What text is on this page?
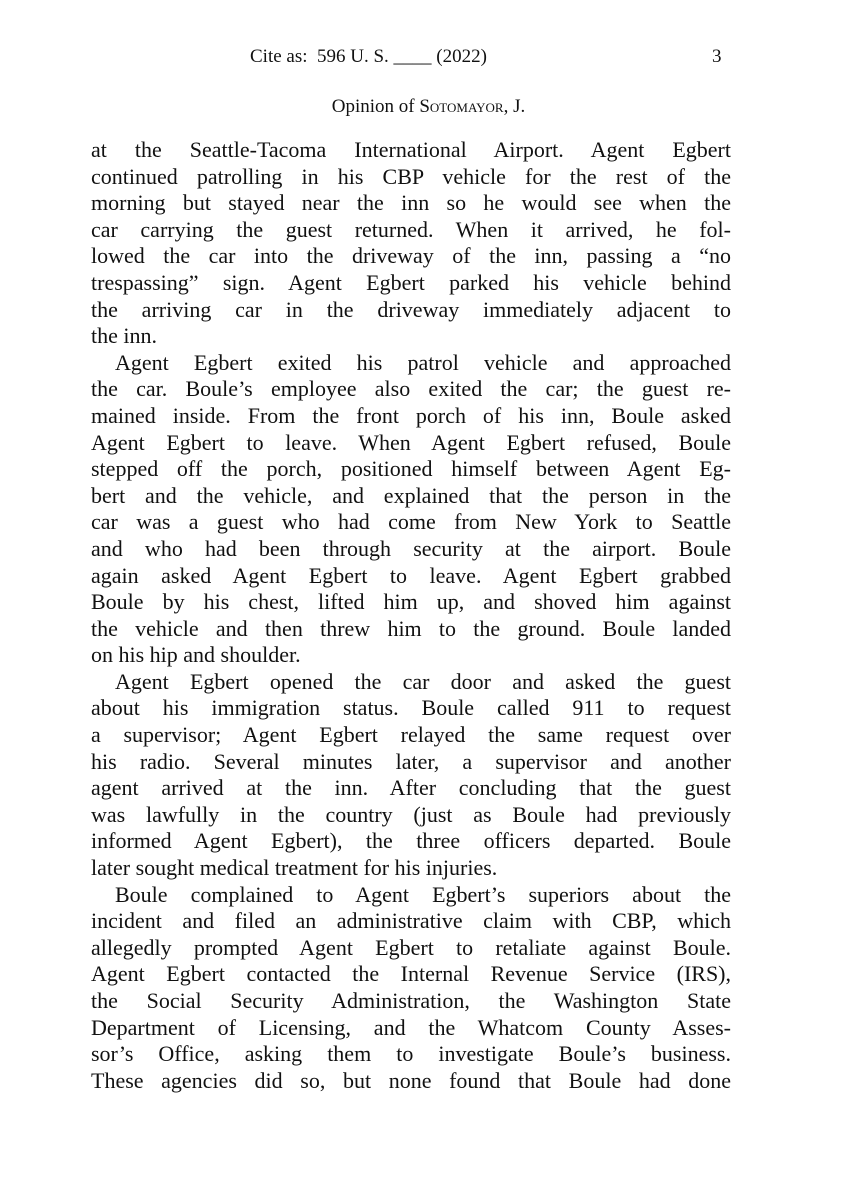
Cite as:  596 U. S. ____ (2022)	3
Opinion of Sotomayor, J.
at the Seattle-Tacoma International Airport. Agent Egbert
continued patrolling in his CBP vehicle for the rest of the
morning but stayed near the inn so he would see when the
car carrying the guest returned. When it arrived, he fol-
lowed the car into the driveway of the inn, passing a “no
trespassing” sign. Agent Egbert parked his vehicle behind
the arriving car in the driveway immediately adjacent to
the inn.
Agent Egbert exited his patrol vehicle and approached
the car. Boule’s employee also exited the car; the guest re-
mained inside. From the front porch of his inn, Boule asked
Agent Egbert to leave. When Agent Egbert refused, Boule
stepped off the porch, positioned himself between Agent Eg-
bert and the vehicle, and explained that the person in the
car was a guest who had come from New York to Seattle
and who had been through security at the airport. Boule
again asked Agent Egbert to leave. Agent Egbert grabbed
Boule by his chest, lifted him up, and shoved him against
the vehicle and then threw him to the ground. Boule landed
on his hip and shoulder.
Agent Egbert opened the car door and asked the guest
about his immigration status. Boule called 911 to request
a supervisor; Agent Egbert relayed the same request over
his radio. Several minutes later, a supervisor and another
agent arrived at the inn. After concluding that the guest
was lawfully in the country (just as Boule had previously
informed Agent Egbert), the three officers departed. Boule
later sought medical treatment for his injuries.
Boule complained to Agent Egbert’s superiors about the
incident and filed an administrative claim with CBP, which
allegedly prompted Agent Egbert to retaliate against Boule.
Agent Egbert contacted the Internal Revenue Service (IRS),
the Social Security Administration, the Washington State
Department of Licensing, and the Whatcom County Asses-
sor’s Office, asking them to investigate Boule’s business.
These agencies did so, but none found that Boule had done
